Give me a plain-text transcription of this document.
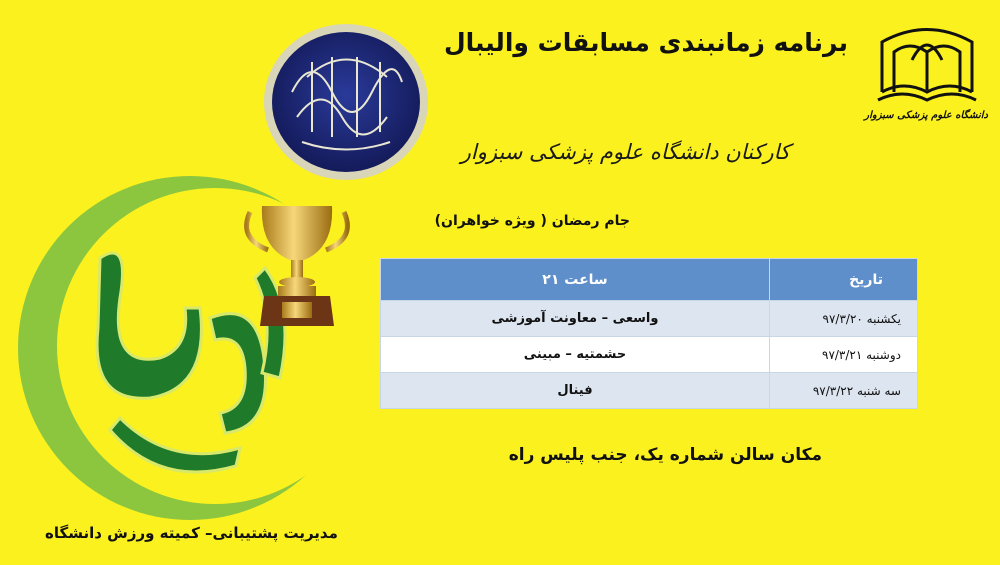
دانشگاه علوم پزشکی سبزوار
برنامه زمانبندی مسابقات والیبال
کارکنان دانشگاه علوم پزشکی سبزوار
جام رمضان ( ویژه خواهران)
تاریخ	ساعت ۲۱
یکشنبه ۹۷/۳/۲۰	واسعی – معاونت آموزشی
دوشنبه ۹۷/۳/۲۱	حشمتیه – مبینی
سه شنبه ۹۷/۳/۲۲	فینال
مکان سالن شماره یک، جنب پلیس راه
مدیریت پشتیبانی– کمیته ورزش دانشگاه
